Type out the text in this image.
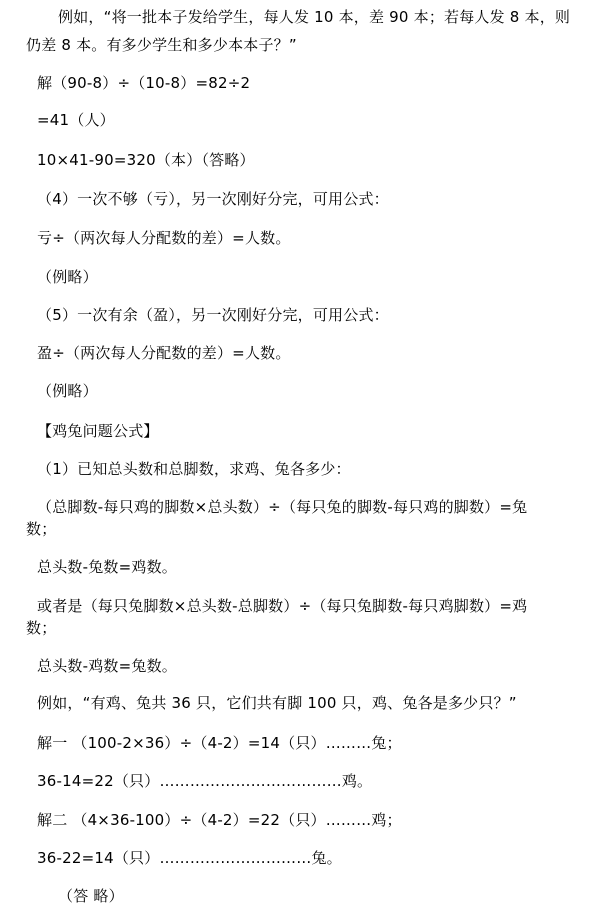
例如，“将一批本子发给学生，每人发 10 本，差 90 本；若每人发 8 本，则
仍差 8 本。有多少学生和多少本本子？”
解（90-8）÷（10-8）=82÷2
=41（人）
10×41-90=320（本）（答略）
（4）一次不够（亏），另一次刚好分完，可用公式：
亏÷（两次每人分配数的差）=人数。
（例略）
（5）一次有余（盈），另一次刚好分完，可用公式：
盈÷（两次每人分配数的差）=人数。
（例略）
【鸡兔问题公式】
（1）已知总头数和总脚数，求鸡、兔各多少：
（总脚数-每只鸡的脚数×总头数）÷（每只兔的脚数-每只鸡的脚数）=兔
数；
总头数-兔数=鸡数。
或者是（每只兔脚数×总头数-总脚数）÷（每只兔脚数-每只鸡脚数）=鸡
数；
总头数-鸡数=兔数。
例如，“有鸡、兔共 36 只，它们共有脚 100 只，鸡、兔各是多少只？”
解一 （100-2×36）÷（4-2）=14（只）………兔；
36-14=22（只）………………………………鸡。
解二 （4×36-100）÷（4-2）=22（只）………鸡；
36-22=14（只）…………………………兔。
（答 略）
